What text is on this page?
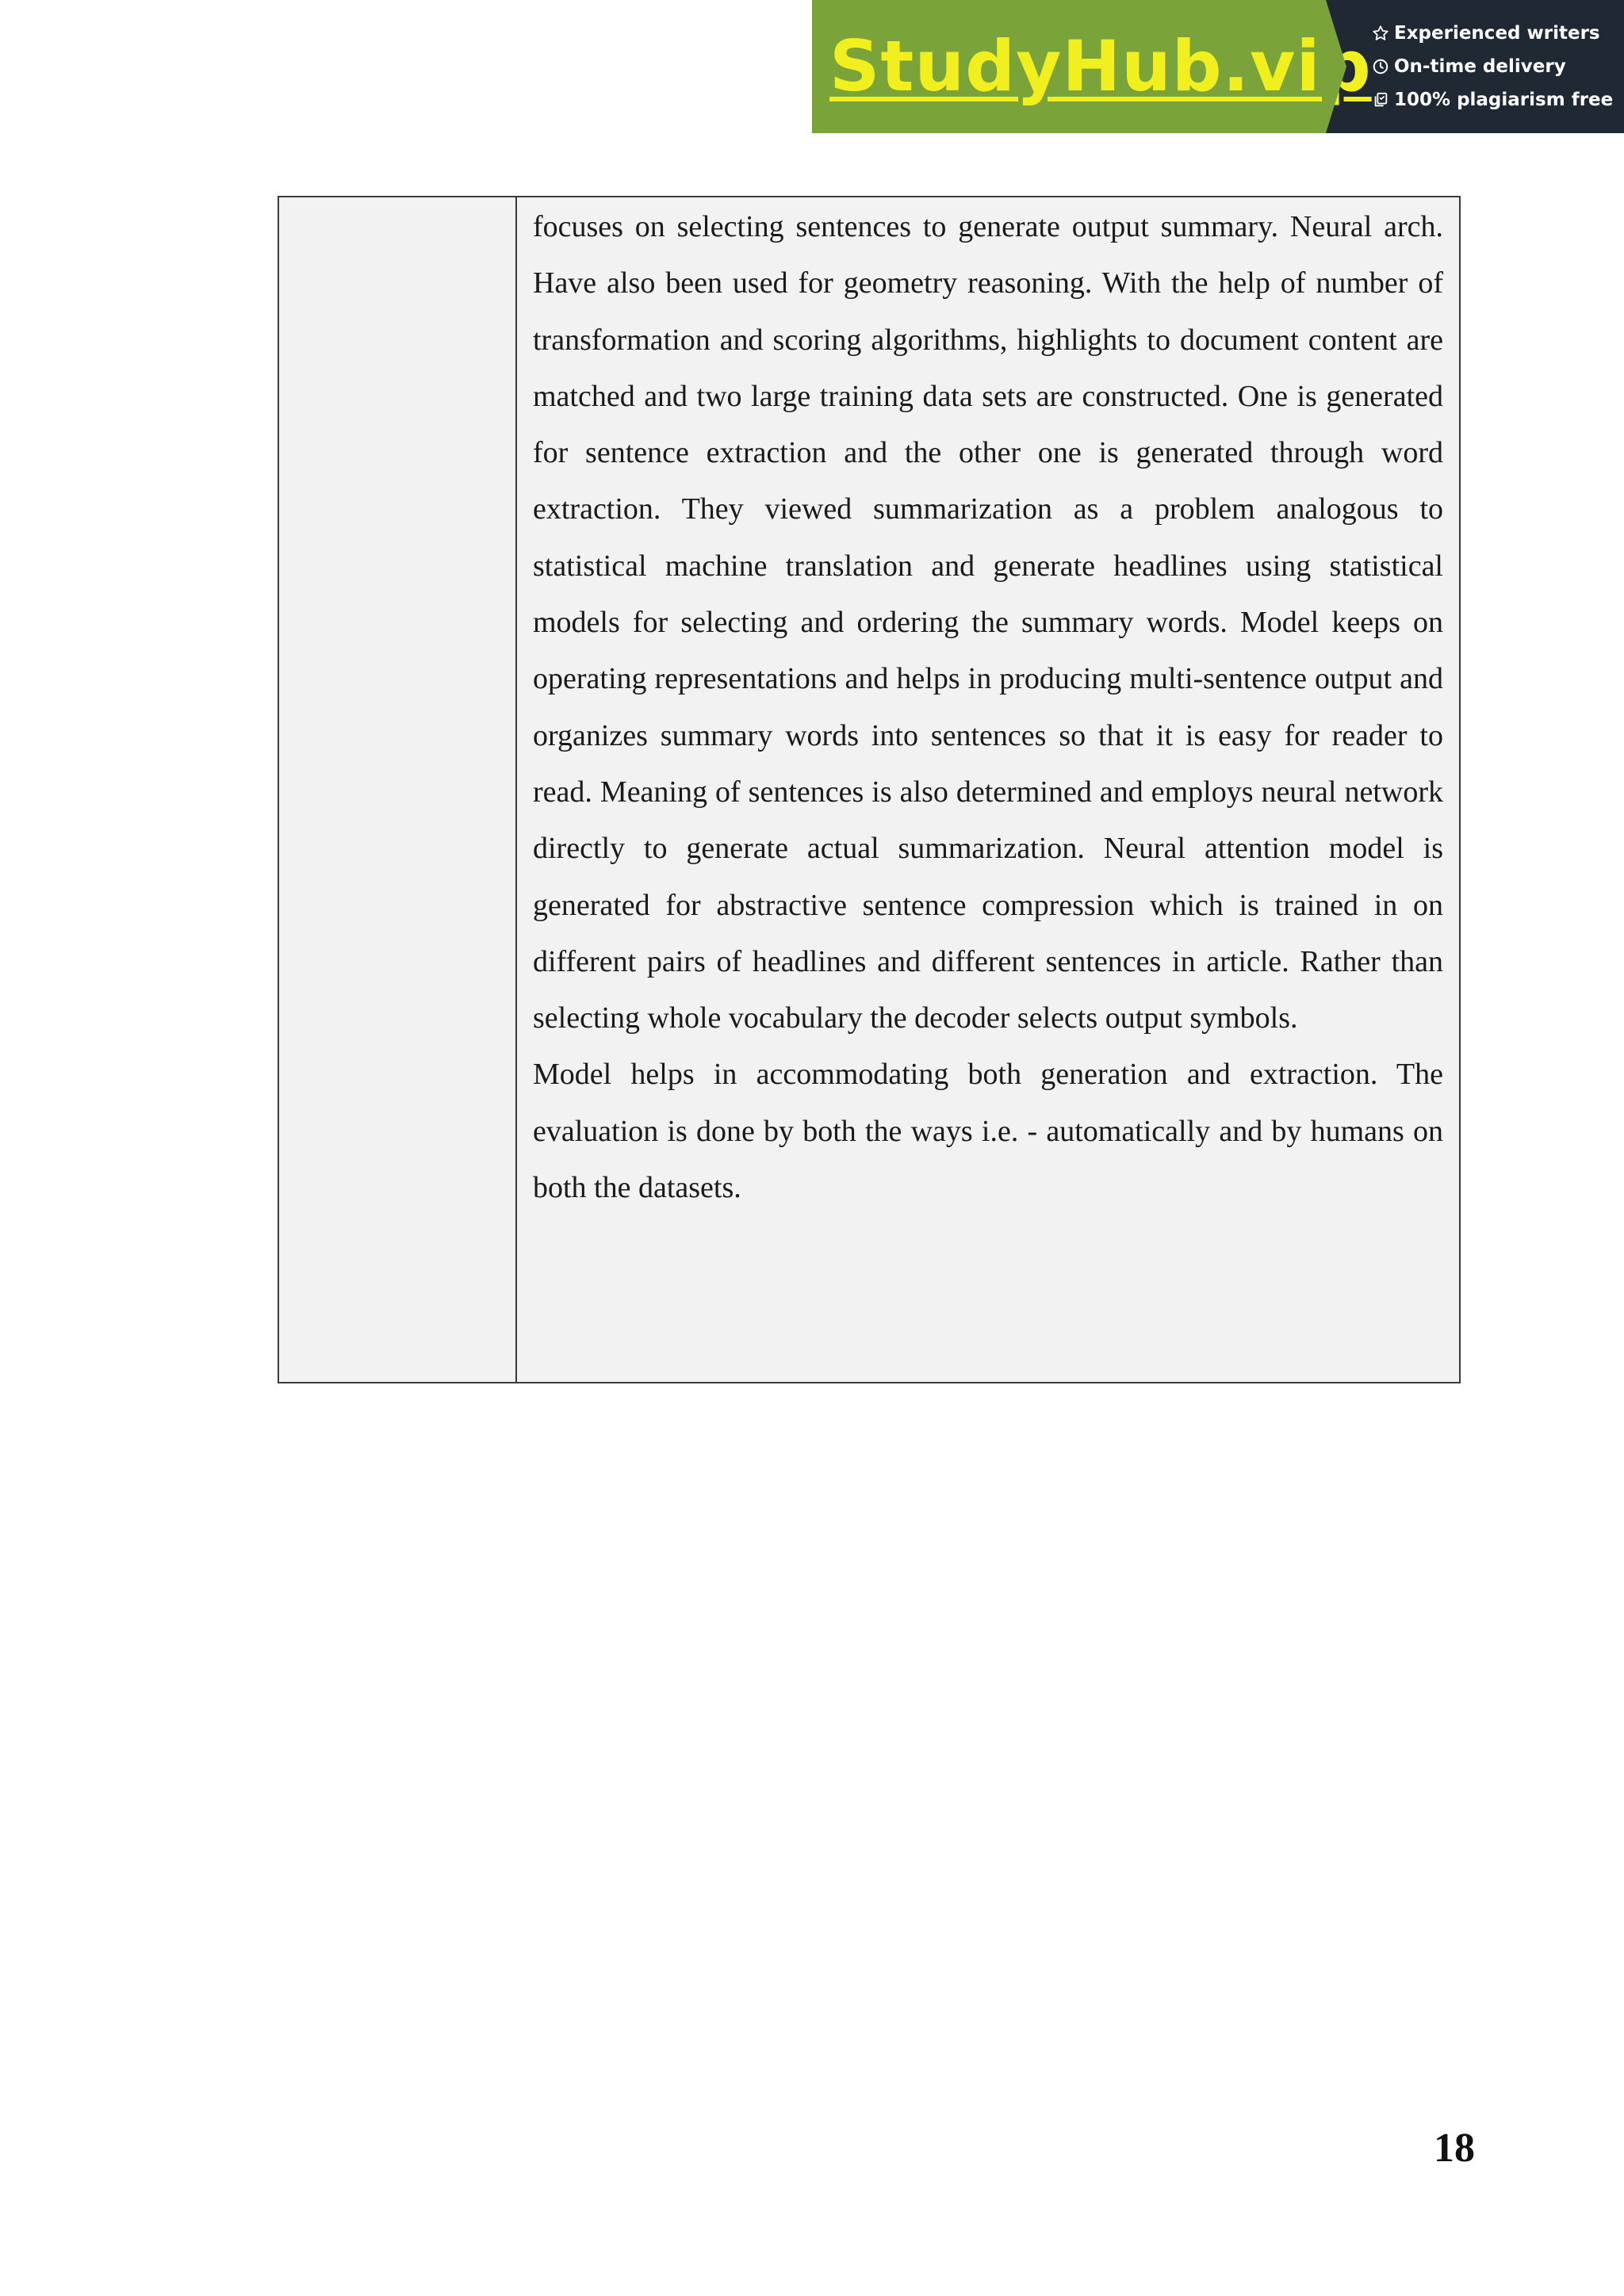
StudyHub.vip Experienced writers
On-time delivery
100% plagiarism free

focuses on selecting sentences to generate output summary. Neural arch. Have also been used for geometry reasoning. With the help of number of transformation and scoring algorithms, highlights to document content are matched and two large training data sets are constructed. One is generated for sentence extraction and the other one is generated through word extraction. They viewed summarization as a problem analogous to statistical machine translation and generate headlines using statistical models for selecting and ordering the summary words. Model keeps on operating representations and helps in producing multi-sentence output and organizes summary words into sentences so that it is easy for reader to read. Meaning of sentences is also determined and employs neural network directly to generate actual summarization. Neural attention model is generated for abstractive sentence compression which is trained in on different pairs of headlines and different sentences in article. Rather than selecting whole vocabulary the decoder selects output symbols.

Model helps in accommodating both generation and extraction. The evaluation is done by both the ways i.e. - automatically and by humans on both the datasets.

18
